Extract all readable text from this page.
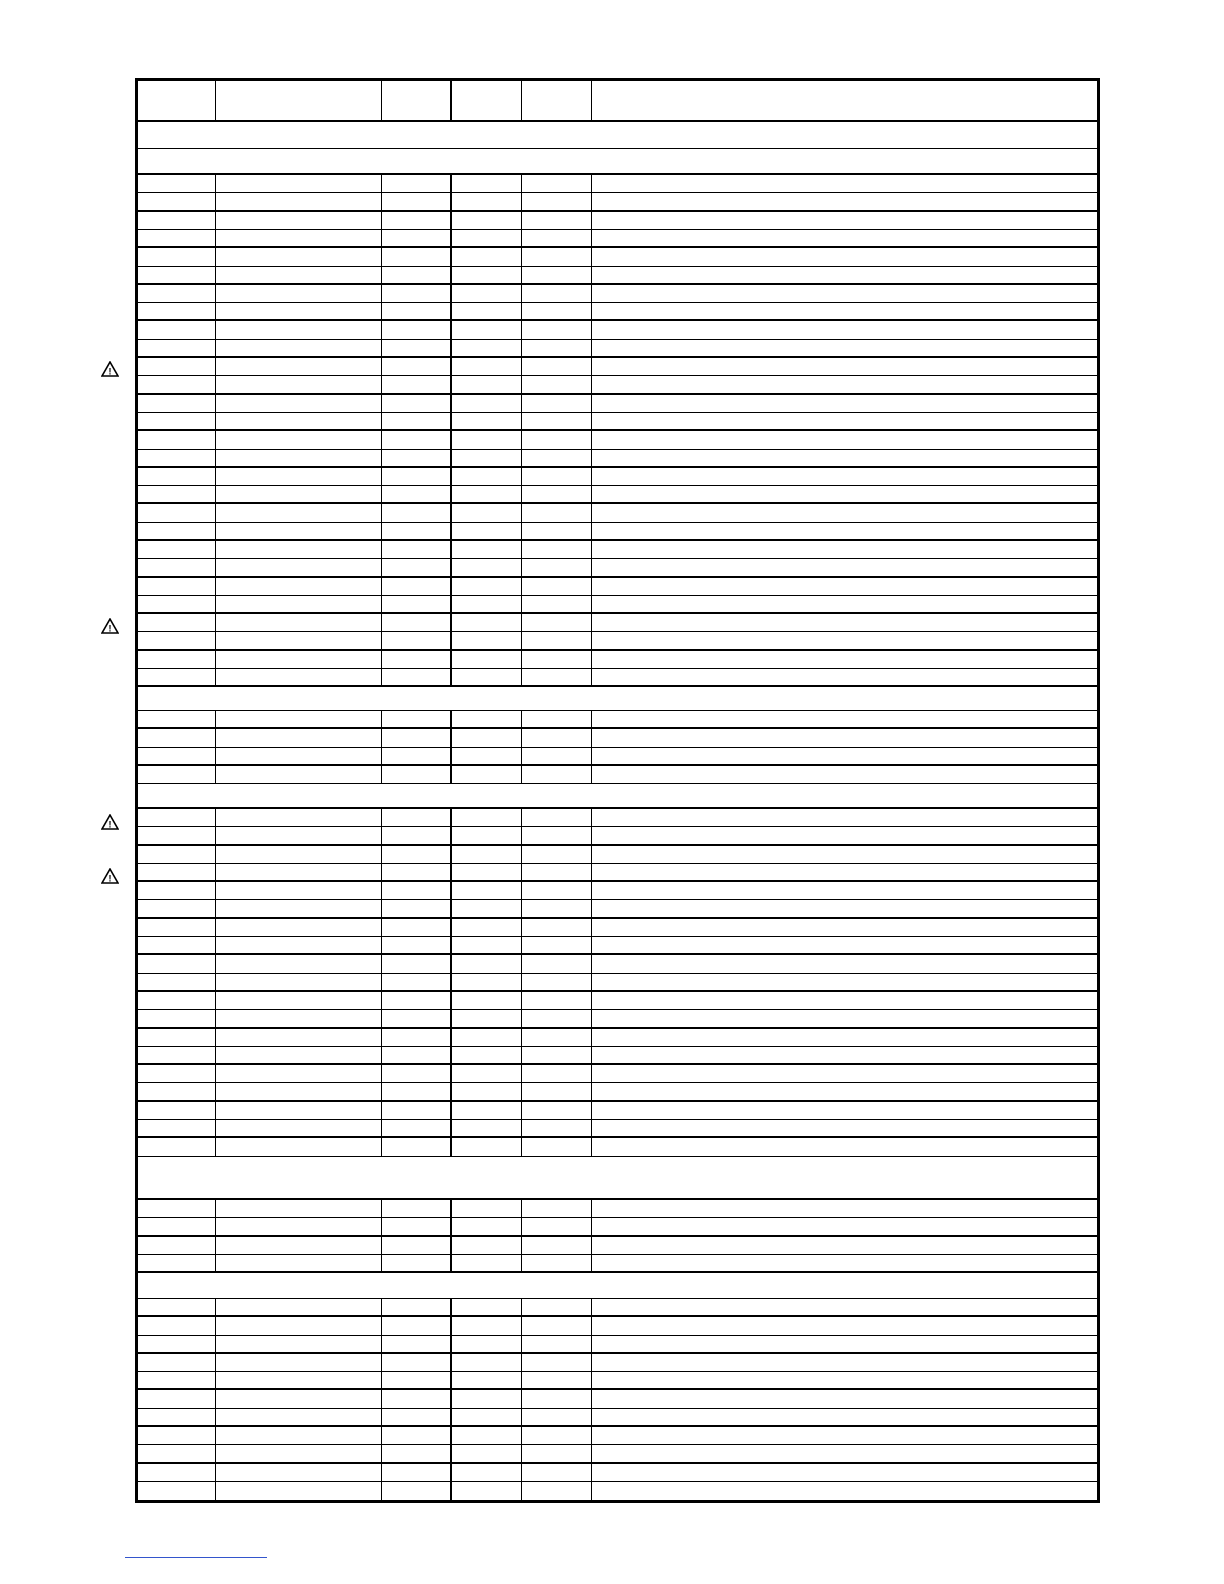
!
!
!
!
